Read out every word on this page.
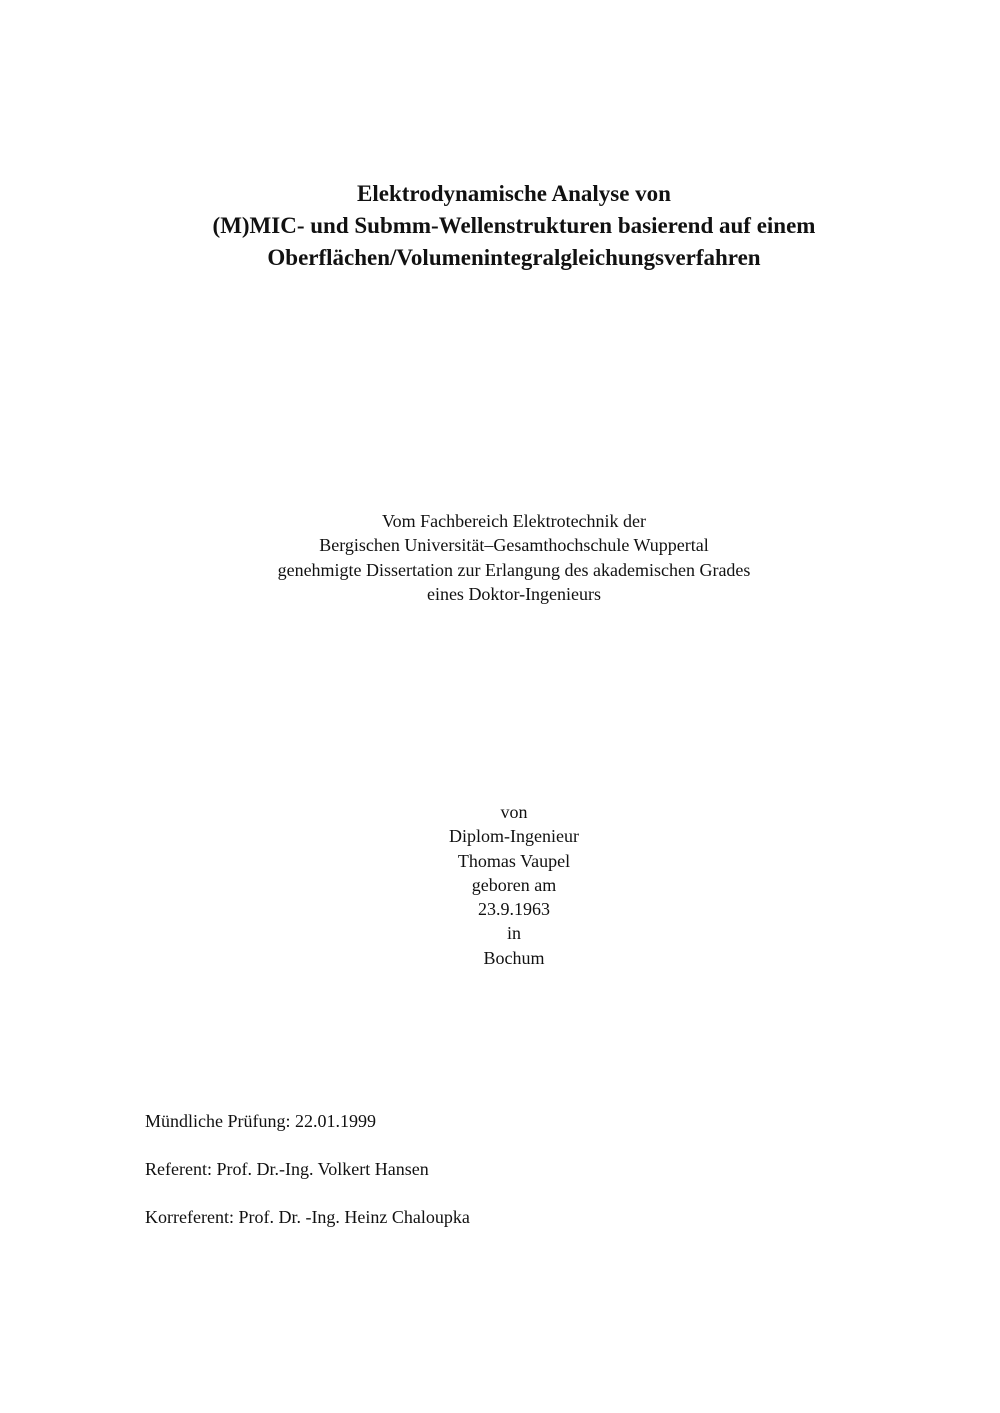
Elektrodynamische Analyse von
(M)MIC- und Submm-Wellenstrukturen basierend auf einem
Oberflächen/Volumenintegralgleichungsverfahren
Vom Fachbereich Elektrotechnik der
Bergischen Universität–Gesamthochschule Wuppertal
genehmigte Dissertation zur Erlangung des akademischen Grades
eines Doktor-Ingenieurs
von
Diplom-Ingenieur
Thomas Vaupel
geboren am
23.9.1963
in
Bochum
Mündliche Prüfung: 22.01.1999
Referent: Prof. Dr.-Ing. Volkert Hansen
Korreferent: Prof. Dr. -Ing. Heinz Chaloupka
